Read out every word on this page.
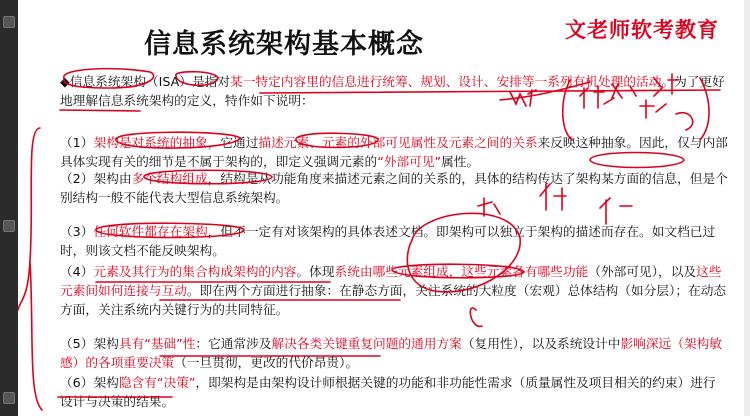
信息系统架构基本概念	文老师软考教育
◆信息系统架构（ISA）是指对某一特定内容里的信息进行统筹、规划、设计、安排等一系列有机处理的活动。为了更好地理解信息系统架构的定义，特作如下说明：
（1）架构是对系统的抽象，它通过描述元素、元素的外部可见属性及元素之间的关系来反映这种抽象。因此，仅与内部具体实现有关的细节是不属于架构的，即定义强调元素的“外部可见”属性。
（2）架构由多个结构组成，结构是从功能角度来描述元素之间的关系的，具体的结构传达了架构某方面的信息，但是个别结构一般不能代表大型信息系统架构。
（3）任何软件都存在架构，但不一定有对该架构的具体表述文档。即架构可以独立于架构的描述而存在。如文档已过时，则该文档不能反映架构。
（4）元素及其行为的集合构成架构的内容。体现系统由哪些元素组成，这些元素各有哪些功能（外部可见），以及这些元素间如何连接与互动。即在两个方面进行抽象：在静态方面，关注系统的大粒度（宏观）总体结构（如分层）；在动态方面，关注系统内关键行为的共同特征。
（5）架构具有“基础”性：它通常涉及解决各类关键重复问题的通用方案（复用性），以及系统设计中影响深远（架构敏感）的各项重要决策（一旦贯彻，更改的代价昂贵）。
（6）架构隐含有“决策”，即架构是由架构设计师根据关键的功能和非功能性需求（质量属性及项目相关的约束）进行设计与决策的结果。
